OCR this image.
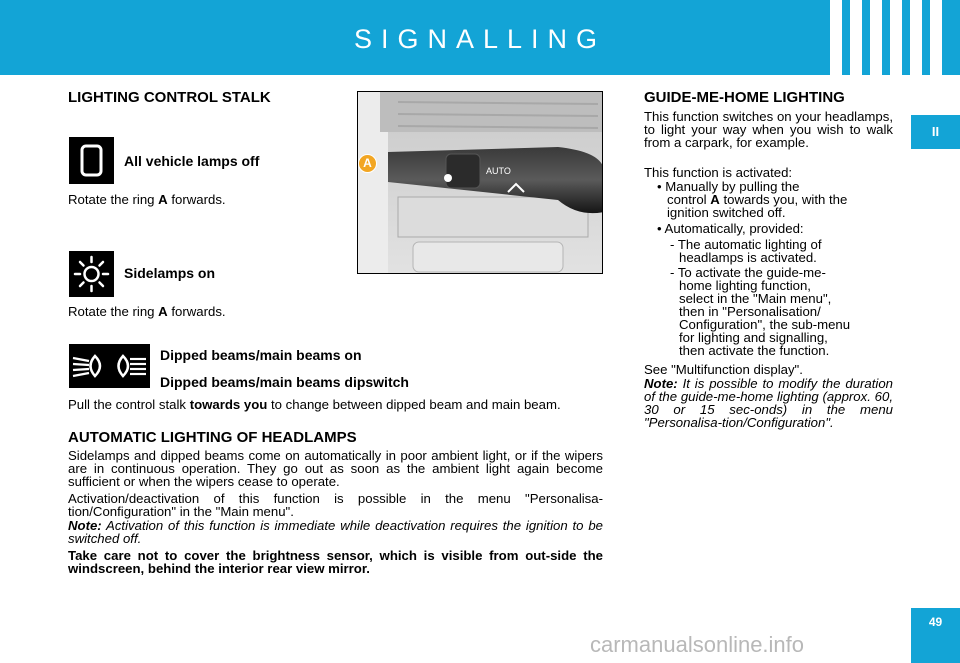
SIGNALLING
II
49
LIGHTING CONTROL STALK
All vehicle lamps off
Rotate the ring A forwards.
Sidelamps on
Rotate the ring A forwards.
Dipped beams/main beams on
Dipped beams/main beams dipswitch
Pull the control stalk towards you to change between dipped beam and main beam.
AUTOMATIC LIGHTING OF HEADLAMPS
Sidelamps and dipped beams come on automatically in poor ambient light, or if the wipers are in continuous operation. They go out as soon as the ambient light again become sufficient or when the wipers cease to operate.
Activation/deactivation of this function is possible in the menu "Personalisa-tion/Configuration" in the "Main menu".
Note: Activation of this function is immediate while deactivation requires the ignition to be switched off.
Take care not to cover the brightness sensor, which is visible from out-side the windscreen, behind the interior rear view mirror.
AUTO
A
GUIDE-ME-HOME LIGHTING
This function switches on your headlamps, to light your way when you wish to walk from a carpark, for example.
This function is activated:
• Manually by pulling the
control A towards you, with the
ignition switched off.
• Automatically, provided:
- The automatic lighting of
headlamps is activated.
- To activate the guide-me-
home lighting function,
select in the "Main menu",
then in "Personalisation/
Configuration", the sub-menu
for lighting and signalling,
then activate the function.
See "Multifunction display".
Note: It is possible to modify the duration of the guide-me-home lighting (approx. 60, 30 or 15 sec-onds) in the menu "Personalisa-tion/Configuration".
carmanualsonline.info
